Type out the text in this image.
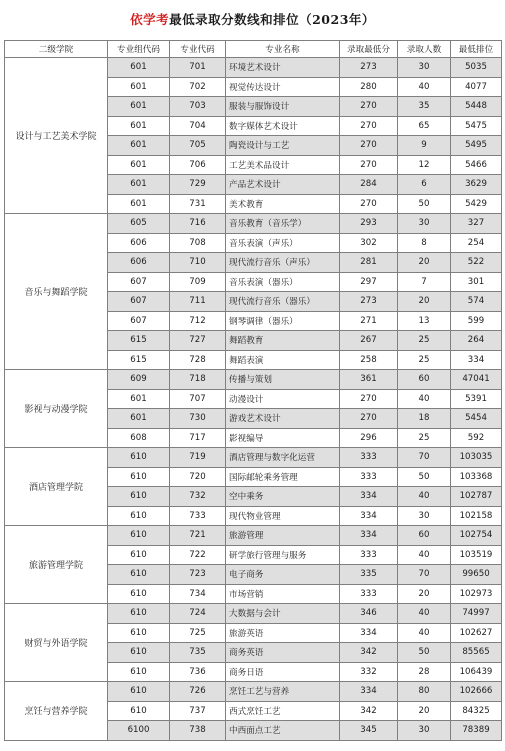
依学考最低录取分数线和排位（2023年）
二级学院	专业组代码	专业代码	专业名称	录取最低分	录取人数	最低排位
设计与工艺美术学院	601	701	环境艺术设计	273	30	5035
	601	702	视觉传达设计	280	40	4077
	601	703	服装与服饰设计	270	35	5448
	601	704	数字媒体艺术设计	270	65	5475
	601	705	陶瓷设计与工艺	270	9	5495
	601	706	工艺美术品设计	270	12	5466
	601	729	产品艺术设计	284	6	3629
	601	731	美术教育	270	50	5429
音乐与舞蹈学院	605	716	音乐教育（音乐学）	293	30	327
	606	708	音乐表演（声乐）	302	8	254
	606	710	现代流行音乐（声乐）	281	20	522
	607	709	音乐表演（器乐）	297	7	301
	607	711	现代流行音乐（器乐）	273	20	574
	607	712	钢琴调律（器乐）	271	13	599
	615	727	舞蹈教育	267	25	264
	615	728	舞蹈表演	258	25	334
影视与动漫学院	609	718	传播与策划	361	60	47041
	601	707	动漫设计	270	40	5391
	601	730	游戏艺术设计	270	18	5454
	608	717	影视编导	296	25	592
酒店管理学院	610	719	酒店管理与数字化运营	333	70	103035
	610	720	国际邮轮乘务管理	333	50	103368
	610	732	空中乘务	334	40	102787
	610	733	现代物业管理	334	30	102158
旅游管理学院	610	721	旅游管理	334	60	102754
	610	722	研学旅行管理与服务	333	40	103519
	610	723	电子商务	335	70	99650
	610	734	市场营销	333	20	102973
财贸与外语学院	610	724	大数据与会计	346	40	74997
	610	725	旅游英语	334	40	102627
	610	735	商务英语	342	50	85565
	610	736	商务日语	332	28	106439
烹饪与营养学院	610	726	烹饪工艺与营养	334	80	102666
	610	737	西式烹饪工艺	342	20	84325
	6100	738	中西面点工艺	345	30	78389
